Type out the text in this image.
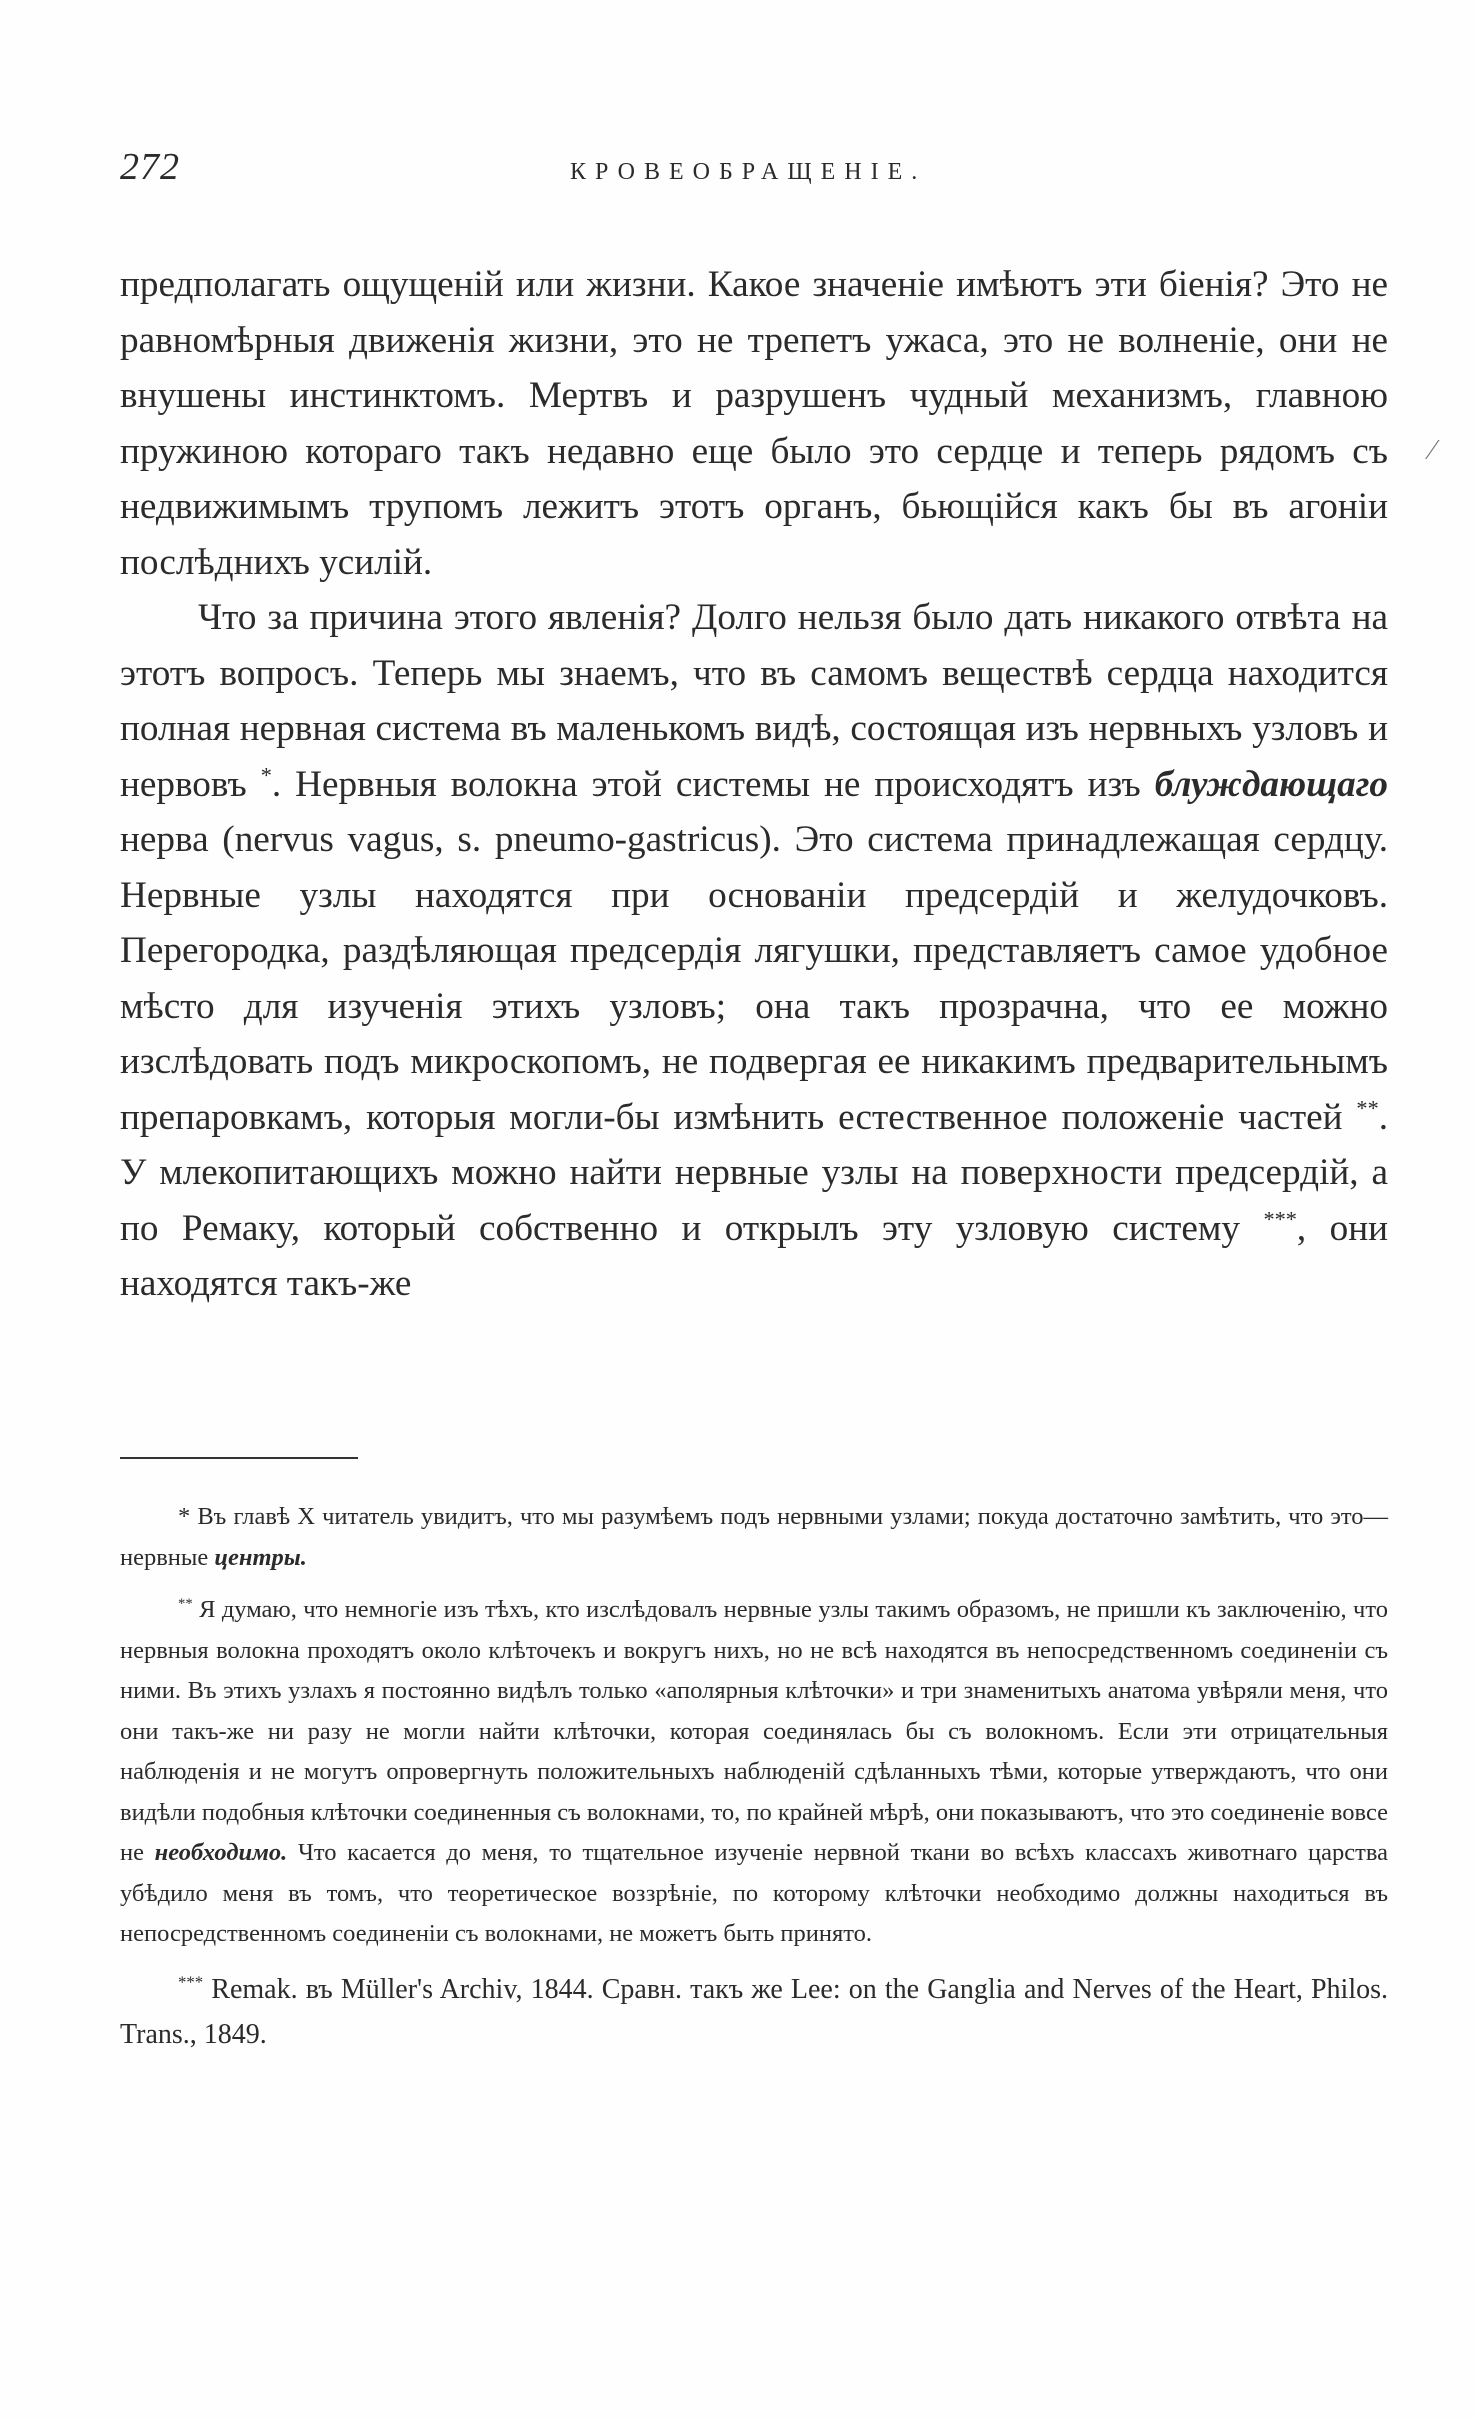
272	КРОВЕОБРАЩЕНІЕ.

предполагать ощущеній или жизни. Какое значеніе имѣютъ эти біенія? Это не равномѣрныя движенія жизни, это не трепетъ ужаса, это не волненіе, они не внушены инстинктомъ. Мертвъ и разрушенъ чудный механизмъ, главною пружиною котораго такъ недавно еще было это сердце и теперь рядомъ съ недвижимымъ трупомъ лежитъ этотъ органъ, бьющійся какъ бы въ агоніи послѣднихъ усилій.

Что за причина этого явленія? Долго нельзя было дать никакого отвѣта на этотъ вопросъ. Теперь мы знаемъ, что въ самомъ веществѣ сердца находится полная нервная система въ маленькомъ видѣ, состоящая изъ нервныхъ узловъ и нервовъ *. Нервныя волокна этой системы не происходятъ изъ блуждающаго нерва (nervus vagus, s. pneumo-gastricus). Это система принадлежащая сердцу. Нервные узлы находятся при основаніи предсердій и желудочковъ. Перегородка, раздѣляющая предсердія лягушки, представляетъ самое удобное мѣсто для изученія этихъ узловъ; она такъ прозрачна, что ее можно изслѣдовать подъ микроскопомъ, не подвергая ее никакимъ предварительнымъ препаровкамъ, которыя могли-бы измѣнить естественное положеніе частей **. У млекопитающихъ можно найти нервные узлы на поверхности предсердій, а по Ремаку, который собственно и открылъ эту узловую систему ***, они находятся такъ-же

* Въ главѣ X читатель увидитъ, что мы разумѣемъ подъ нервными узлами; покуда достаточно замѣтить, что это—нервные центры.

** Я думаю, что немногіе изъ тѣхъ, кто изслѣдовалъ нервные узлы такимъ образомъ, не пришли къ заключенію, что нервныя волокна проходятъ около клѣточекъ и вокругъ нихъ, но не всѣ находятся въ непосредственномъ соединеніи съ ними. Въ этихъ узлахъ я постоянно видѣлъ только «аполярныя клѣточки» и три знаменитыхъ анатома увѣряли меня, что они такъ-же ни разу не могли найти клѣточки, которая соединялась бы съ волокномъ. Если эти отрицательныя наблюденія и не могутъ опровергнуть положительныхъ наблюденій сдѣланныхъ тѣми, которые утверждаютъ, что они видѣли подобныя клѣточки соединенныя съ волокнами, то, по крайней мѣрѣ, они показываютъ, что это соединеніе вовсе не необходимо. Что касается до меня, то тщательное изученіе нервной ткани во всѣхъ классахъ животнаго царства убѣдило меня въ томъ, что теоретическое воззрѣніе, по которому клѣточки необходимо должны находиться въ непосредственномъ соединеніи съ волокнами, не можетъ быть принято.

*** Remak. въ Müller's Archiv, 1844. Сравн. такъ же Lee: on the Ganglia and Nerves of the Heart, Philos. Trans., 1849.

⁄
